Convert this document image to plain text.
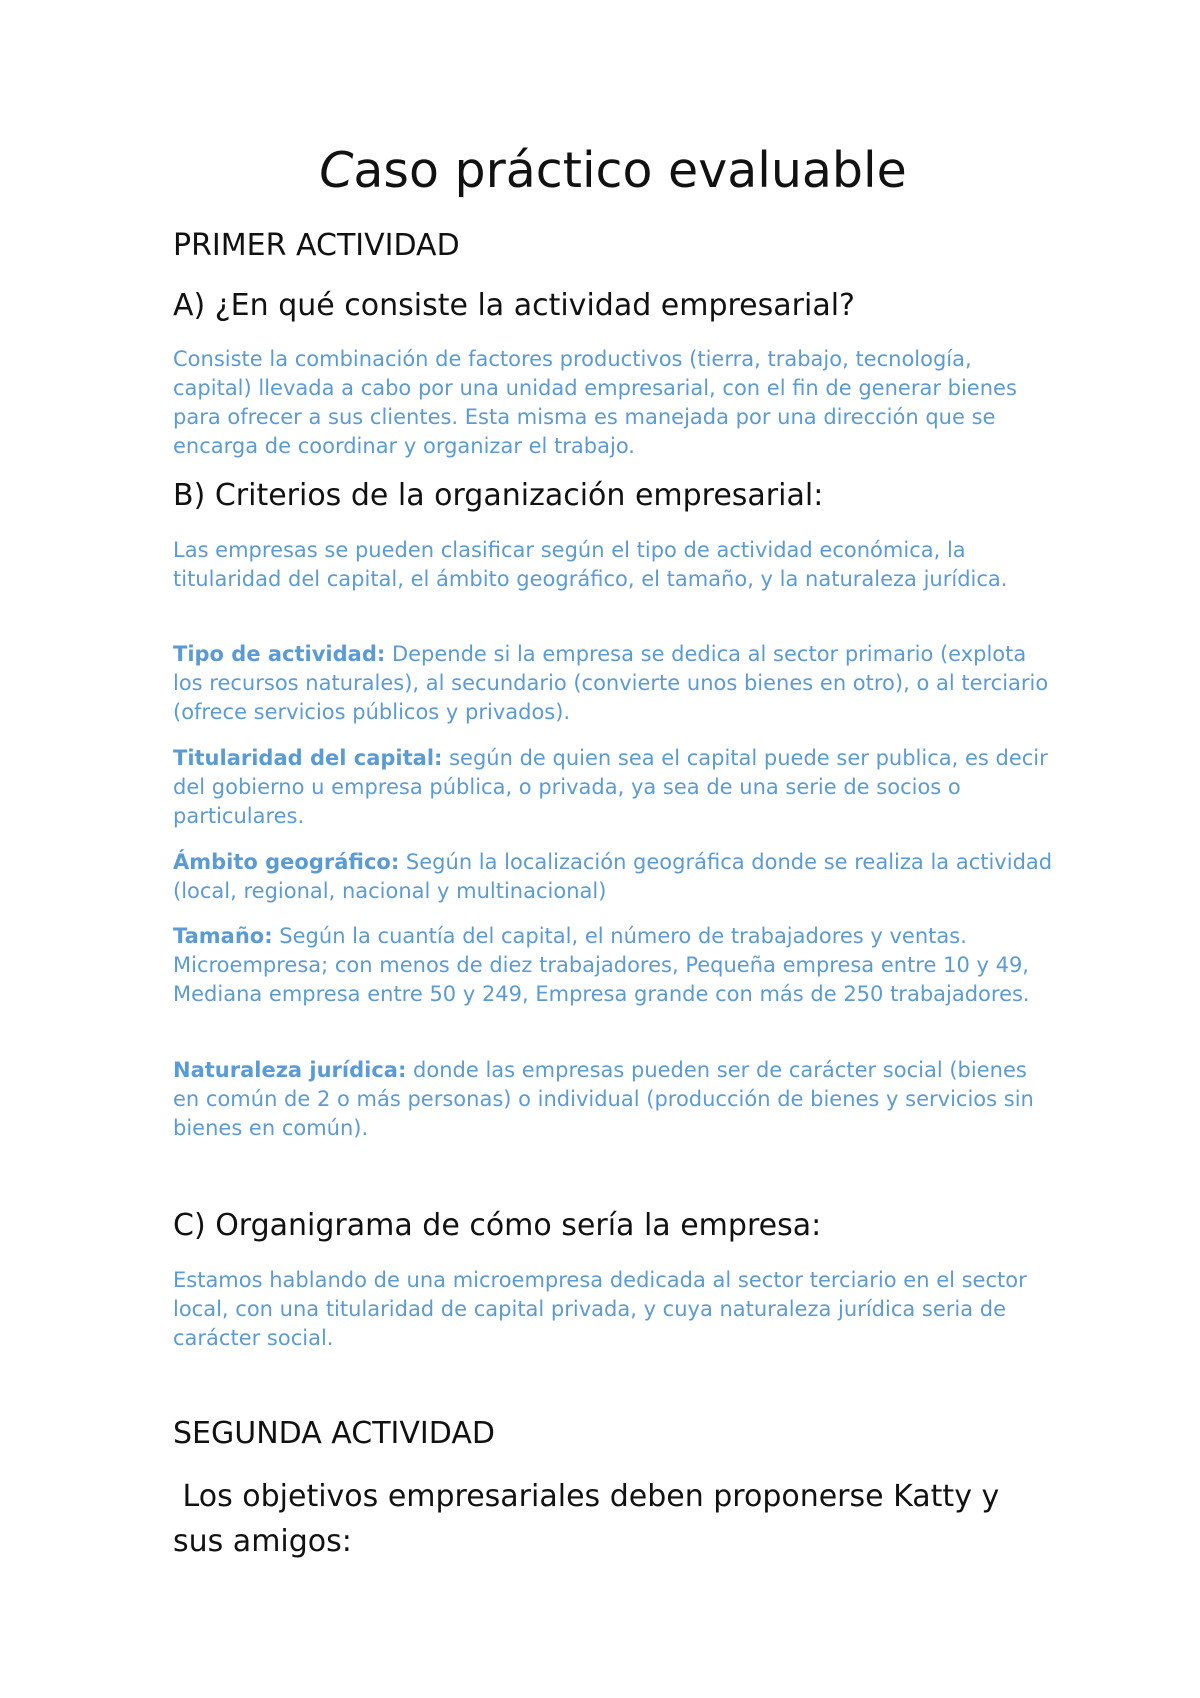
Caso práctico evaluable
PRIMER ACTIVIDAD
A) ¿En qué consiste la actividad empresarial?

Consiste la combinación de factores productivos (tierra, trabajo, tecnología, capital) llevada a cabo por una unidad empresarial, con el fin de generar bienes para ofrecer a sus clientes. Esta misma es manejada por una dirección que se encarga de coordinar y organizar el trabajo.

B) Criterios de la organización empresarial:

Las empresas se pueden clasificar según el tipo de actividad económica, la titularidad del capital, el ámbito geográfico, el tamaño, y la naturaleza jurídica.

Tipo de actividad: Depende si la empresa se dedica al sector primario (explota los recursos naturales), al secundario (convierte unos bienes en otro), o al terciario (ofrece servicios públicos y privados).

Titularidad del capital: según de quien sea el capital puede ser publica, es decir del gobierno u empresa pública, o privada, ya sea de una serie de socios o particulares.

Ámbito geográfico: Según la localización geográfica donde se realiza la actividad (local, regional, nacional y multinacional)

Tamaño: Según la cuantía del capital, el número de trabajadores y ventas. Microempresa; con menos de diez trabajadores, Pequeña empresa entre 10 y 49, Mediana empresa entre 50 y 249, Empresa grande con más de 250 trabajadores.

Naturaleza jurídica: donde las empresas pueden ser de carácter social (bienes en común de 2 o más personas) o individual (producción de bienes y servicios sin bienes en común).

C) Organigrama de cómo sería la empresa:

Estamos hablando de una microempresa dedicada al sector terciario en el sector local, con una titularidad de capital privada, y cuya naturaleza jurídica seria de carácter social.

SEGUNDA ACTIVIDAD
Los objetivos empresariales deben proponerse Katty y sus amigos:
